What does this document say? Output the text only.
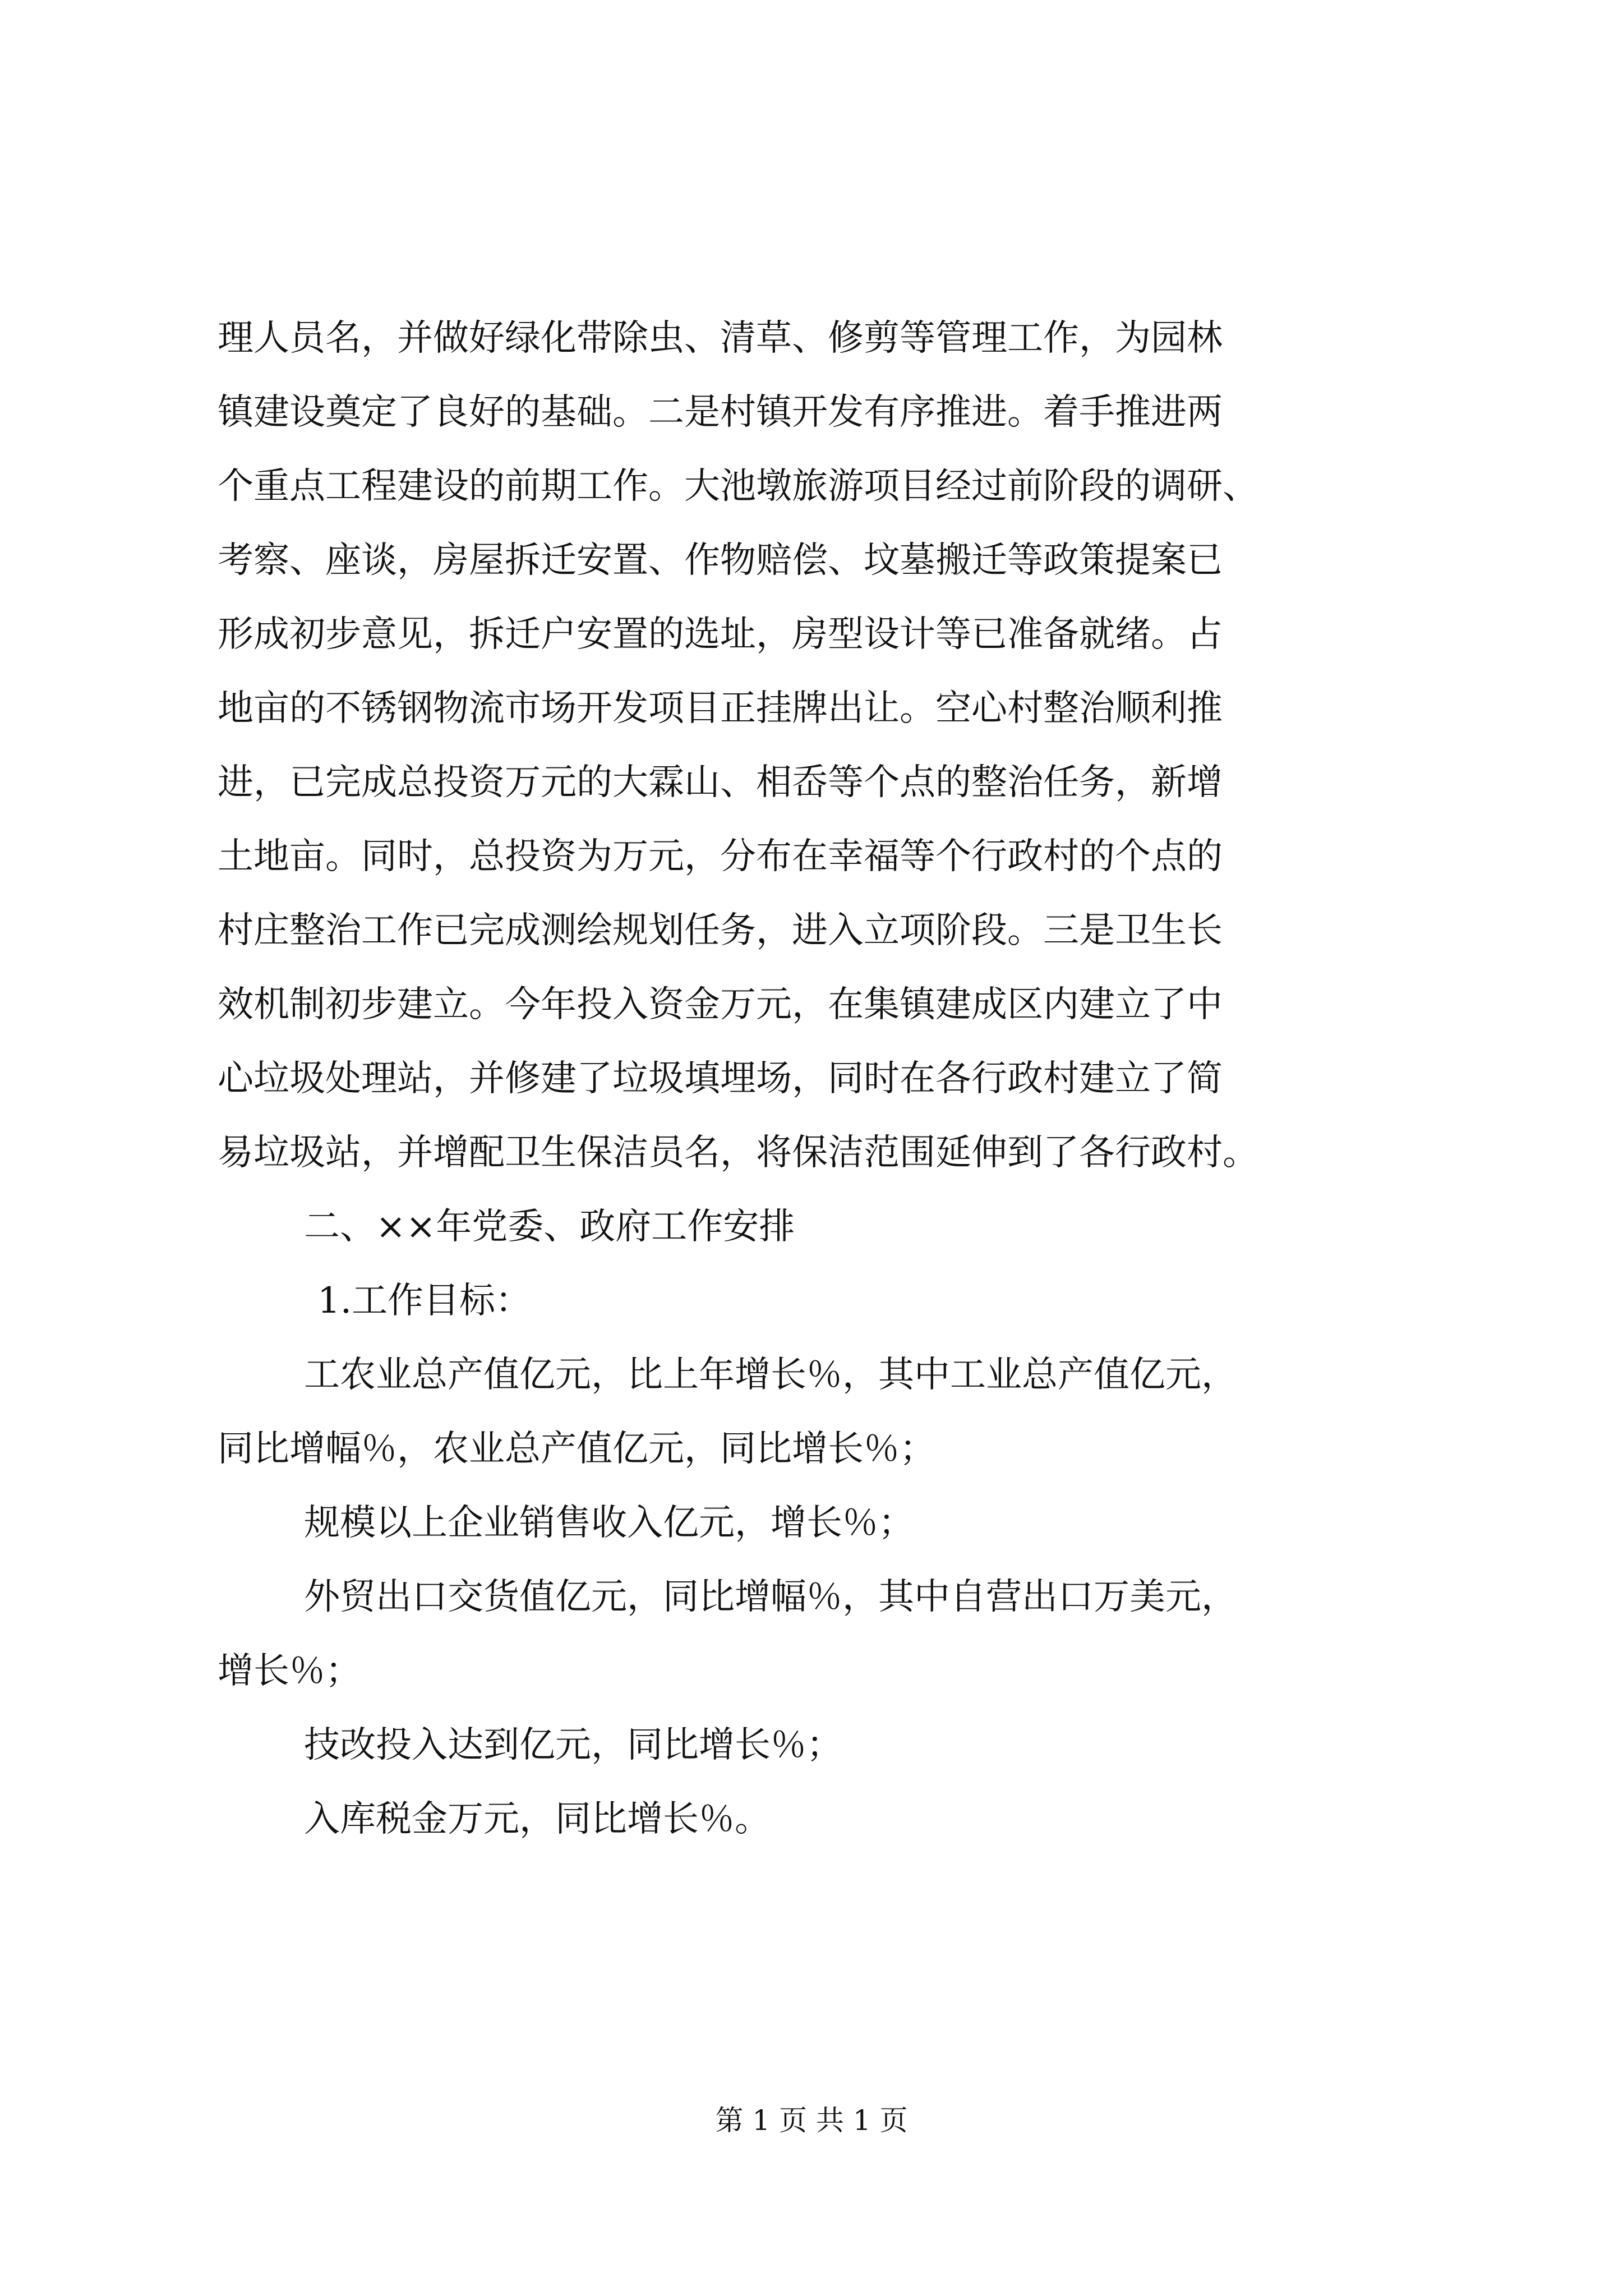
理人员名，并做好绿化带除虫、清草、修剪等管理工作，为园林

镇建设奠定了良好的基础。二是村镇开发有序推进。着手推进两

个重点工程建设的前期工作。大池墩旅游项目经过前阶段的调研、

考察、座谈，房屋拆迁安置、作物赔偿、坟墓搬迁等政策提案已

形成初步意见，拆迁户安置的选址，房型设计等已准备就绪。占

地亩的不锈钢物流市场开发项目正挂牌出让。空心村整治顺利推

进，已完成总投资万元的大霖山、相岙等个点的整治任务，新增

土地亩。同时，总投资为万元，分布在幸福等个行政村的个点的

村庄整治工作已完成测绘规划任务，进入立项阶段。三是卫生长

效机制初步建立。今年投入资金万元，在集镇建成区内建立了中

心垃圾处理站，并修建了垃圾填埋场，同时在各行政村建立了简

易垃圾站，并增配卫生保洁员名，将保洁范围延伸到了各行政村。

二、××年党委、政府工作安排

1.工作目标：

工农业总产值亿元，比上年增长％，其中工业总产值亿元，

同比增幅％，农业总产值亿元，同比增长％；

规模以上企业销售收入亿元，增长％；

外贸出口交货值亿元，同比增幅％，其中自营出口万美元，

增长％；

技改投入达到亿元，同比增长％；

入库税金万元，同比增长％。

第 1 页 共 1 页
